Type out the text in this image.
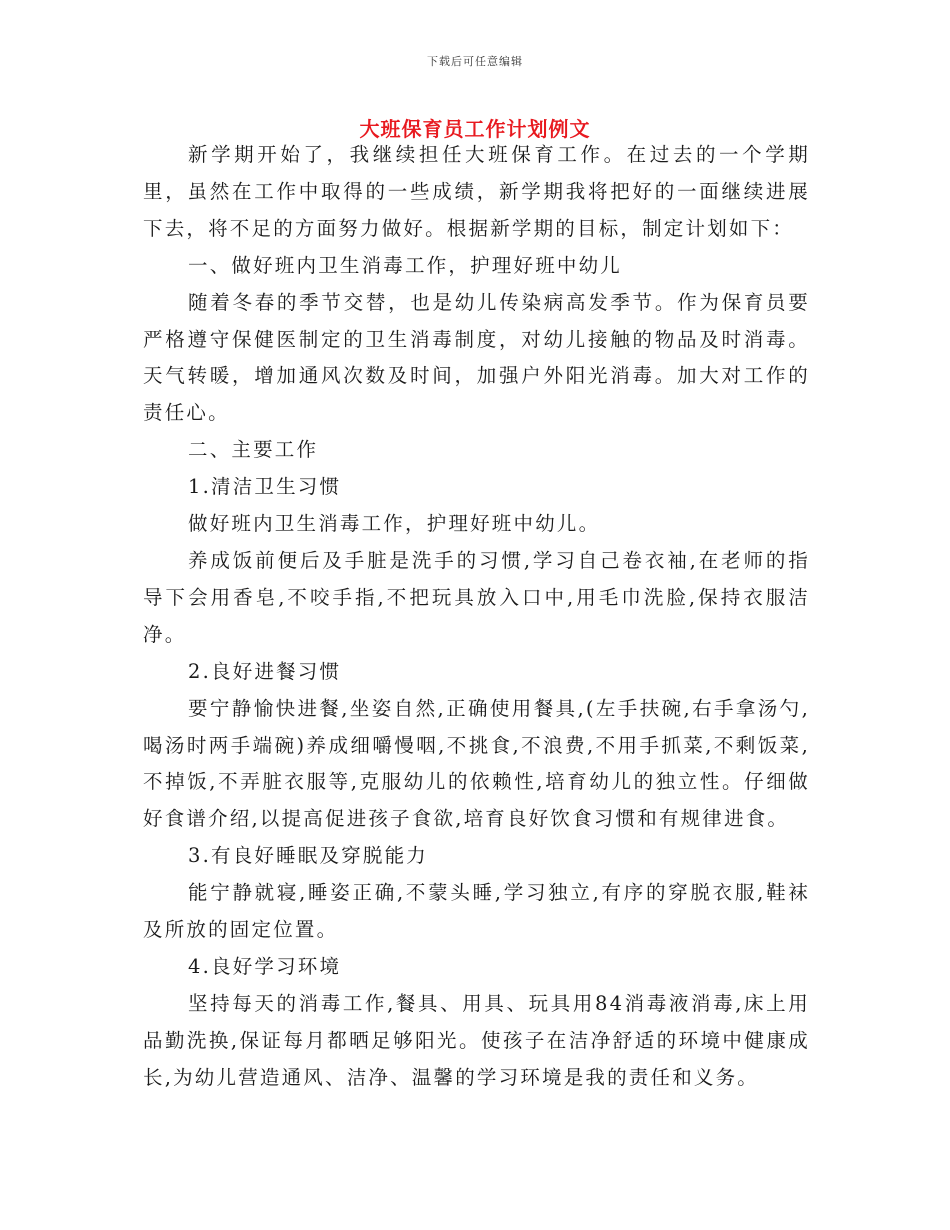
下载后可任意编辑
大班保育员工作计划例文

新学期开始了，我继续担任大班保育工作。在过去的一个学期里，虽然在工作中取得的一些成绩，新学期我将把好的一面继续进展下去，将不足的方面努力做好。根据新学期的目标，制定计划如下：

一、做好班内卫生消毒工作，护理好班中幼儿

随着冬春的季节交替，也是幼儿传染病高发季节。作为保育员要严格遵守保健医制定的卫生消毒制度，对幼儿接触的物品及时消毒。天气转暖，增加通风次数及时间，加强户外阳光消毒。加大对工作的责任心。

二、主要工作

1.清洁卫生习惯

做好班内卫生消毒工作，护理好班中幼儿。

养成饭前便后及手脏是洗手的习惯,学习自己卷衣袖,在老师的指导下会用香皂,不咬手指,不把玩具放入口中,用毛巾洗脸,保持衣服洁净。

2.良好进餐习惯

要宁静愉快进餐,坐姿自然,正确使用餐具,(左手扶碗,右手拿汤勺,喝汤时两手端碗)养成细嚼慢咽,不挑食,不浪费,不用手抓菜,不剩饭菜,不掉饭,不弄脏衣服等,克服幼儿的依赖性,培育幼儿的独立性。仔细做好食谱介绍,以提高促进孩子食欲,培育良好饮食习惯和有规律进食。

3.有良好睡眠及穿脱能力

能宁静就寝,睡姿正确,不蒙头睡,学习独立,有序的穿脱衣服,鞋袜及所放的固定位置。

4.良好学习环境

坚持每天的消毒工作,餐具、用具、玩具用84消毒液消毒,床上用品勤洗换,保证每月都晒足够阳光。使孩子在洁净舒适的环境中健康成长,为幼儿营造通风、洁净、温馨的学习环境是我的责任和义务。
